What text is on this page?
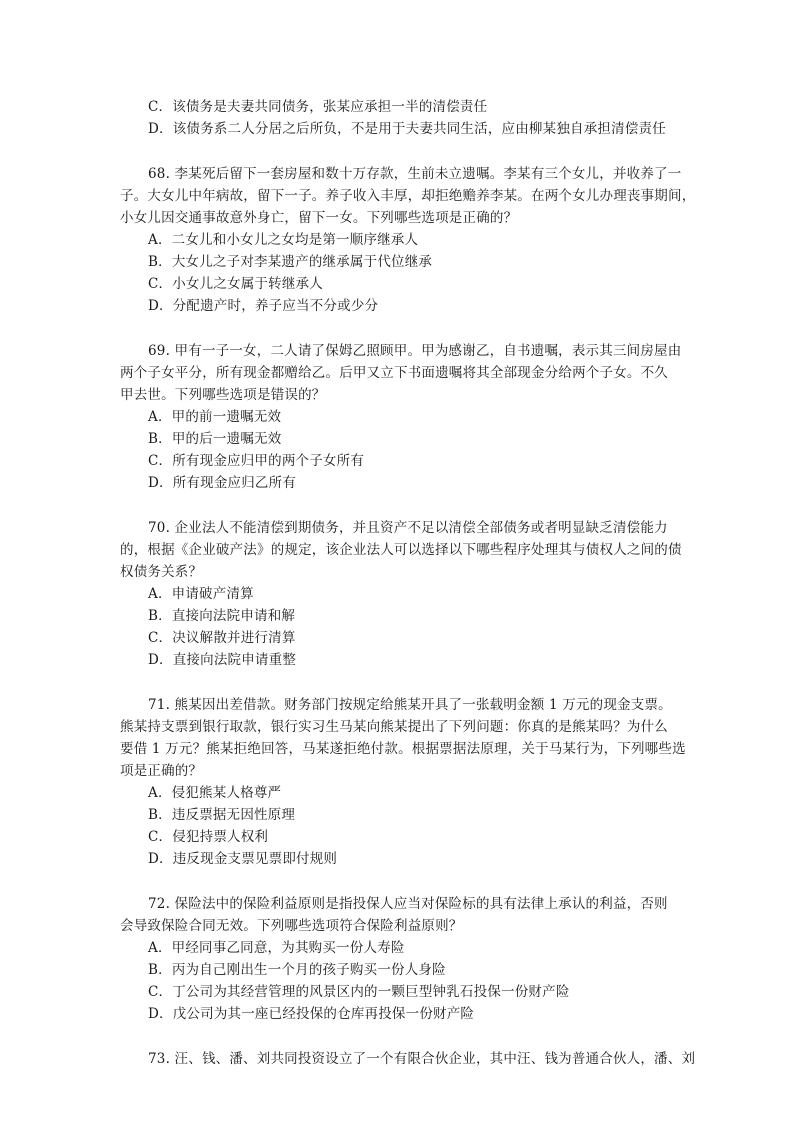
C．该债务是夫妻共同债务，张某应承担一半的清偿责任
D．该债务系二人分居之后所负，不是用于夫妻共同生活，应由柳某独自承担清偿责任
68. 李某死后留下一套房屋和数十万存款，生前未立遗嘱。李某有三个女儿，并收养了一
子。大女儿中年病故，留下一子。养子收入丰厚，却拒绝赡养李某。在两个女儿办理丧事期间，
小女儿因交通事故意外身亡，留下一女。下列哪些选项是正确的？
A．二女儿和小女儿之女均是第一顺序继承人
B．大女儿之子对李某遗产的继承属于代位继承
C．小女儿之女属于转继承人
D．分配遗产时，养子应当不分或少分
69. 甲有一子一女，二人请了保姆乙照顾甲。甲为感谢乙，自书遗嘱，表示其三间房屋由
两个子女平分，所有现金都赠给乙。后甲又立下书面遗嘱将其全部现金分给两个子女。不久
甲去世。下列哪些选项是错误的？
A．甲的前一遗嘱无效
B．甲的后一遗嘱无效
C．所有现金应归甲的两个子女所有
D．所有现金应归乙所有
70. 企业法人不能清偿到期债务，并且资产不足以清偿全部债务或者明显缺乏清偿能力
的，根据《企业破产法》的规定，该企业法人可以选择以下哪些程序处理其与债权人之间的债
权债务关系？
A．申请破产清算
B．直接向法院申请和解
C．决议解散并进行清算
D．直接向法院申请重整
71. 熊某因出差借款。财务部门按规定给熊某开具了一张载明金额 1 万元的现金支票。
熊某持支票到银行取款，银行实习生马某向熊某提出了下列问题：你真的是熊某吗？为什么
要借 1 万元？熊某拒绝回答，马某遂拒绝付款。根据票据法原理，关于马某行为，下列哪些选
项是正确的？
A．侵犯熊某人格尊严
B．违反票据无因性原理
C．侵犯持票人权利
D．违反现金支票见票即付规则
72. 保险法中的保险利益原则是指投保人应当对保险标的具有法律上承认的利益，否则
会导致保险合同无效。下列哪些选项符合保险利益原则？
A．甲经同事乙同意，为其购买一份人寿险
B．丙为自己刚出生一个月的孩子购买一份人身险
C．丁公司为其经营管理的风景区内的一颗巨型钟乳石投保一份财产险
D．戊公司为其一座已经投保的仓库再投保一份财产险
73. 汪、钱、潘、刘共同投资设立了一个有限合伙企业，其中汪、钱为普通合伙人，潘、刘
